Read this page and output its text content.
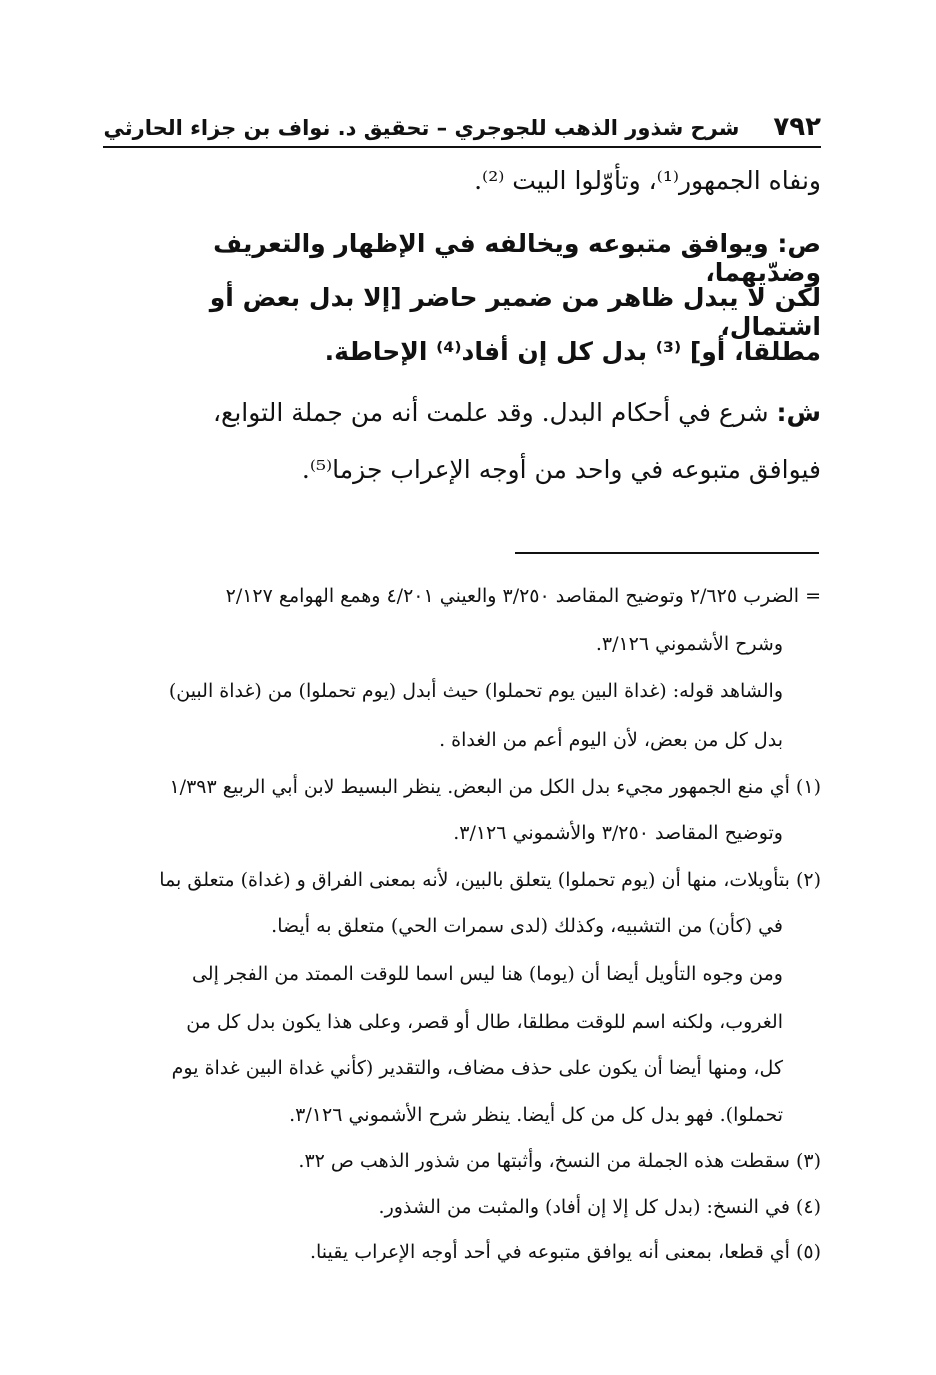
٧٩٢
شرح شذور الذهب للجوجري – تحقيق د. نواف بن جزاء الحارثي
ونفاه الجمهور⁽¹⁾، وتأوّلوا البيت ⁽²⁾.
ص: ويوافق متبوعه ويخالفه في الإظهار والتعريف وضدّيهما،
لكن لا يبدل ظاهر من ضمير حاضر [إلا بدل بعض أو اشتمال،
مطلقا، أو] ⁽³⁾ بدل كل إن أفاد⁽⁴⁾ الإحاطة.
ش: شرع في أحكام البدل. وقد علمت أنه من جملة التوابع،
فيوافق متبوعه في واحد من أوجه الإعراب جزما⁽⁵⁾.
= الضرب ٢/٦٢٥ وتوضيح المقاصد ٣/٢٥٠ والعيني ٤/٢٠١ وهمع الهوامع ٢/١٢٧
وشرح الأشموني ٣/١٢٦.
والشاهد قوله: (غداة البين يوم تحملوا) حيث أبدل (يوم تحملوا) من (غداة البين)
بدل كل من بعض، لأن اليوم أعم من الغداة .
(١) أي منع الجمهور مجيء بدل الكل من البعض. ينظر البسيط لابن أبي الربيع ١/٣٩٣
وتوضيح المقاصد ٣/٢٥٠ والأشموني ٣/١٢٦.
(٢) بتأويلات، منها أن (يوم تحملوا) يتعلق بالبين، لأنه بمعنى الفراق و (غداة) متعلق بما
في (كأن) من التشبيه، وكذلك (لدى سمرات الحي) متعلق به أيضا.
ومن وجوه التأويل أيضا أن (يوما) هنا ليس اسما للوقت الممتد من الفجر إلى
الغروب، ولكنه اسم للوقت مطلقا، طال أو قصر، وعلى هذا يكون بدل كل من
كل، ومنها أيضا أن يكون على حذف مضاف، والتقدير (كأني غداة البين غداة يوم
تحملوا). فهو بدل كل من كل أيضا. ينظر شرح الأشموني ٣/١٢٦.
(٣) سقطت هذه الجملة من النسخ، وأثبتها من شذور الذهب ص ٣٢.
(٤) في النسخ: (بدل كل إلا إن أفاد) والمثبت من الشذور.
(٥) أي قطعا، بمعنى أنه يوافق متبوعه في أحد أوجه الإعراب يقينا.
